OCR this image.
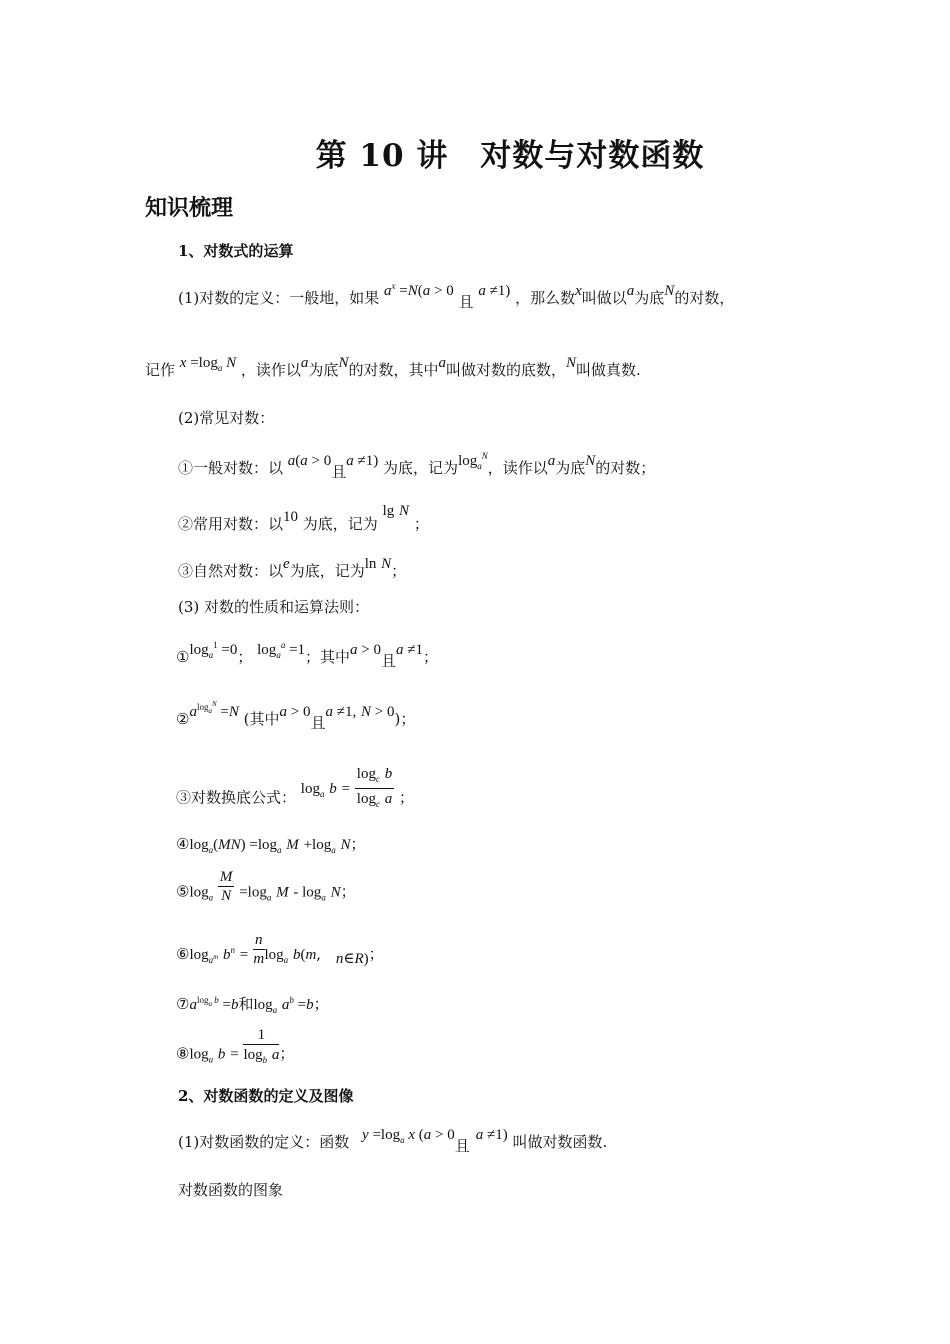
第 10 讲　对数与对数函数
知识梳理
1、对数式的运算
(1)对数的定义：一般地，如果 $a^x =N(a > 0$ 且 a ≠1) ，那么数x叫做以a为底N的对数，
记作 $x =\log_a$ N ，读作以a为底N的对数，其中a叫做对数的底数，N叫做真数.
(2)常见对数：
①一般对数：以 a(a > 0且a ≠1) 为底，记为$\log_a^N$，读作以a为底N的对数；
②常用对数：以10 为底，记为 lg N ；
③自然对数：以e为底，记为ln N；
(3) 对数的性质和运算法则：
$①\log_a^1 =0$； $\log_a^a =1$；其中a > 0且a ≠1；
$②a^{log_a^N} =N$ (其中a > 0且a ≠1, N > 0)；
③对数换底公式： $\log_a b = \frac{\log_c b}{\log_c a}$ ；
$④\log_a(MN) =\log_a$ $M +\log_a$ N；
$⑤\log_a \frac{M}{N} =\log_a$ M - $\log_a N$；
$⑥\log_{a^m}$ $b^n = \frac{n}{m} \log_a b(m$, n∈R)；
$⑦a^{log_a b} =b$和$\log_a a^b =b$；
$⑧\log_a$ $b = \frac{1}{\log_b a}$ ；
2、对数函数的定义及图像
(1)对数函数的定义：函数 $y =\log_a$ x (a > 0且a ≠1) 叫做对数函数.
对数函数的图象
